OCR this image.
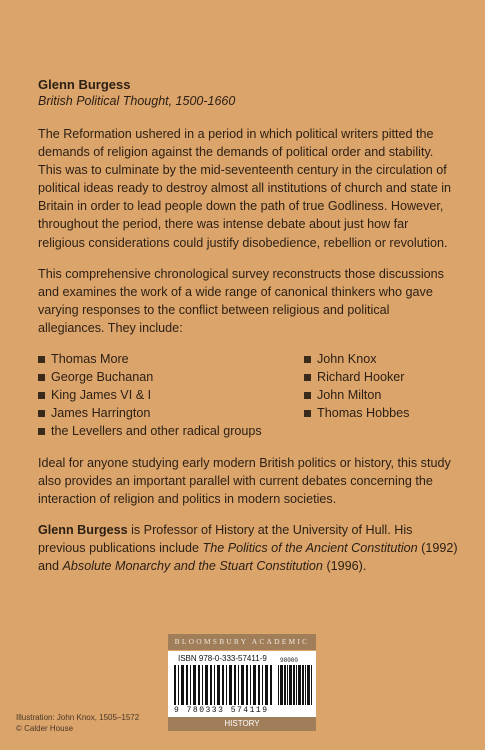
Glenn Burgess

British Political Thought, 1500-1660

The Reformation ushered in a period in which political writers pitted the demands of religion against the demands of political order and stability. This was to culminate by the mid-seventeenth century in the circulation of political ideas ready to destroy almost all institutions of church and state in Britain in order to lead people down the path of true Godliness. However, throughout the period, there was intense debate about just how far religious considerations could justify disobedience, rebellion or revolution.

This comprehensive chronological survey reconstructs those discussions and examines the work of a wide range of canonical thinkers who gave varying responses to the conflict between religious and political allegiances. They include:

Thomas More
George Buchanan
King James VI & I
James Harrington
the Levellers and other radical groups
John Knox
Richard Hooker
John Milton
Thomas Hobbes

Ideal for anyone studying early modern British politics or history, this study also provides an important parallel with current debates concerning the interaction of religion and politics in modern societies.

Glenn Burgess is Professor of History at the University of Hull. His previous publications include The Politics of the Ancient Constitution (1992) and Absolute Monarchy and the Stuart Constitution (1996).

BLOOMSBURY ACADEMIC
ISBN 978-0-333-57411-9
9 780333 574119
98000
HISTORY
Illustration: John Knox, 1505–1572
© Calder House
